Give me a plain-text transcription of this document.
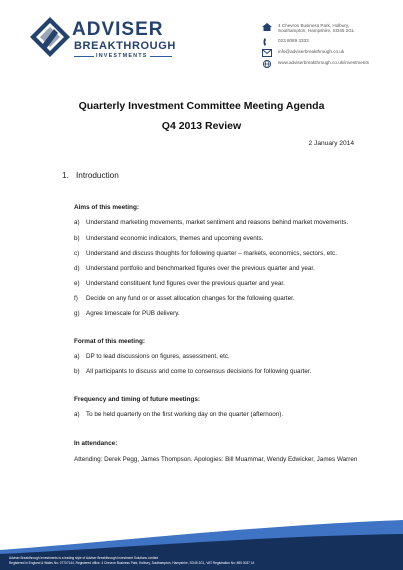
ADVISER
BREAKTHROUGH
INVESTMENTS
4 Chevron Business Park, Holbury,
Southampton, Hampshire, SO45 2GL
023 8089 3333
info@adviserbreakthrough.co.uk
www.adviserbreakthrough.co.uk/investments
Quarterly Investment Committee Meeting Agenda
Q4 2013 Review
2 January 2014
1. Introduction
Aims of this meeting:
a) Understand marketing movements, market sentiment and reasons behind market movements.
b) Understand economic indicators, themes and upcoming events.
c) Understand and discuss thoughts for following quarter – markets, economics, sectors, etc.
d) Understand portfolio and benchmarked figures over the previous quarter and year.
e) Understand constituent fund figures over the previous quarter and year.
f) Decide on any fund or or asset allocation changes for the following quarter.
g) Agree timescale for PUB delivery.
Format of this meeting:
a) DP to lead discussions on figures, assessment, etc.
b) All participants to discuss and come to consensus decisions for following quarter.
Frequency and timing of future meetings:
a) To be held quarterly on the first working day on the quarter (afternoon).
In attendance:
Attending: Derek Pegg, James Thompson. Apologies: Bill Muammar, Wendy Edwicker, James Warren
Adviser Breakthrough Investments is a trading style of Adviser Breakthrough Investment Solutions Limited
Registered in England & Wales No: 07707144, Registered office: 4 Chevron Business Park, Holbury, Southampton, Hampshire, SO45 2GL, VAT Registration No: 860 0037 14
